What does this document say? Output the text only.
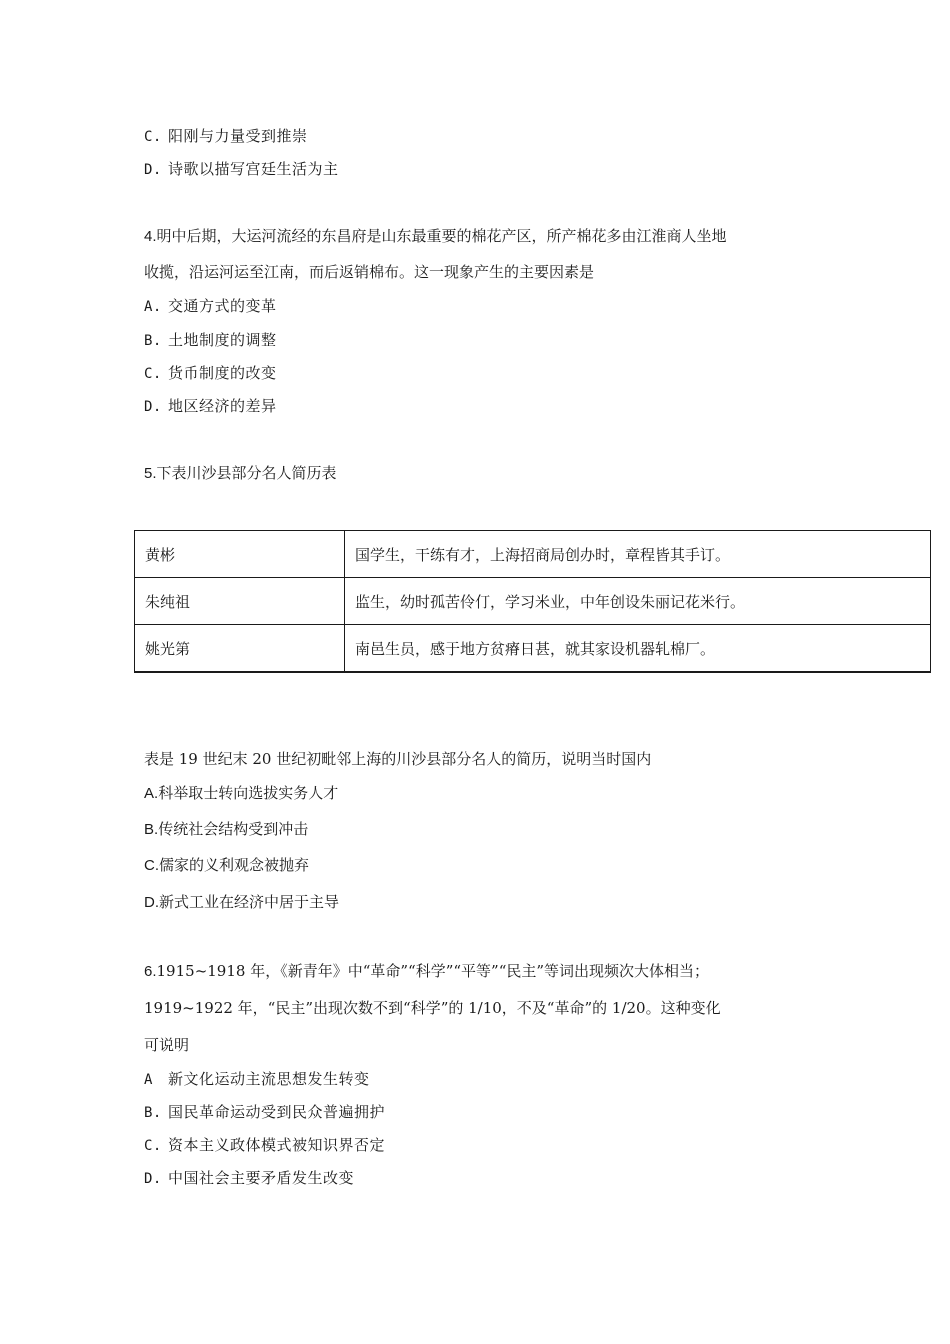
C. 阳刚与力量受到推崇
D. 诗歌以描写宫廷生活为主
4.明中后期，大运河流经的东昌府是山东最重要的棉花产区，所产棉花多由江淮商人坐地
收揽，沿运河运至江南，而后返销棉布。这一现象产生的主要因素是
A. 交通方式的变革
B. 土地制度的调整
C. 货币制度的改变
D. 地区经济的差异
5.下表川沙县部分名人简历表
黄彬	国学生，干练有才，上海招商局创办时，章程皆其手订。
朱纯祖	监生，幼时孤苦伶仃，学习米业，中年创设朱丽记花米行。
姚光第	南邑生员，感于地方贫瘠日甚，就其家设机器轧棉厂。
表是 19 世纪末 20 世纪初毗邻上海的川沙县部分名人的简历，说明当时国内
A.科举取士转向选拔实务人才
B.传统社会结构受到冲击
C.儒家的义利观念被抛弃
D.新式工业在经济中居于主导
6.1915~1918 年，《新青年》中“革命”“科学”“平等”“民主”等词出现频次大体相当；
1919~1922 年，“民主”出现次数不到“科学”的 1/10，不及“革命”的 1/20。这种变化
可说明
A 新文化运动主流思想发生转变
B. 国民革命运动受到民众普遍拥护
C. 资本主义政体模式被知识界否定
D. 中国社会主要矛盾发生改变
